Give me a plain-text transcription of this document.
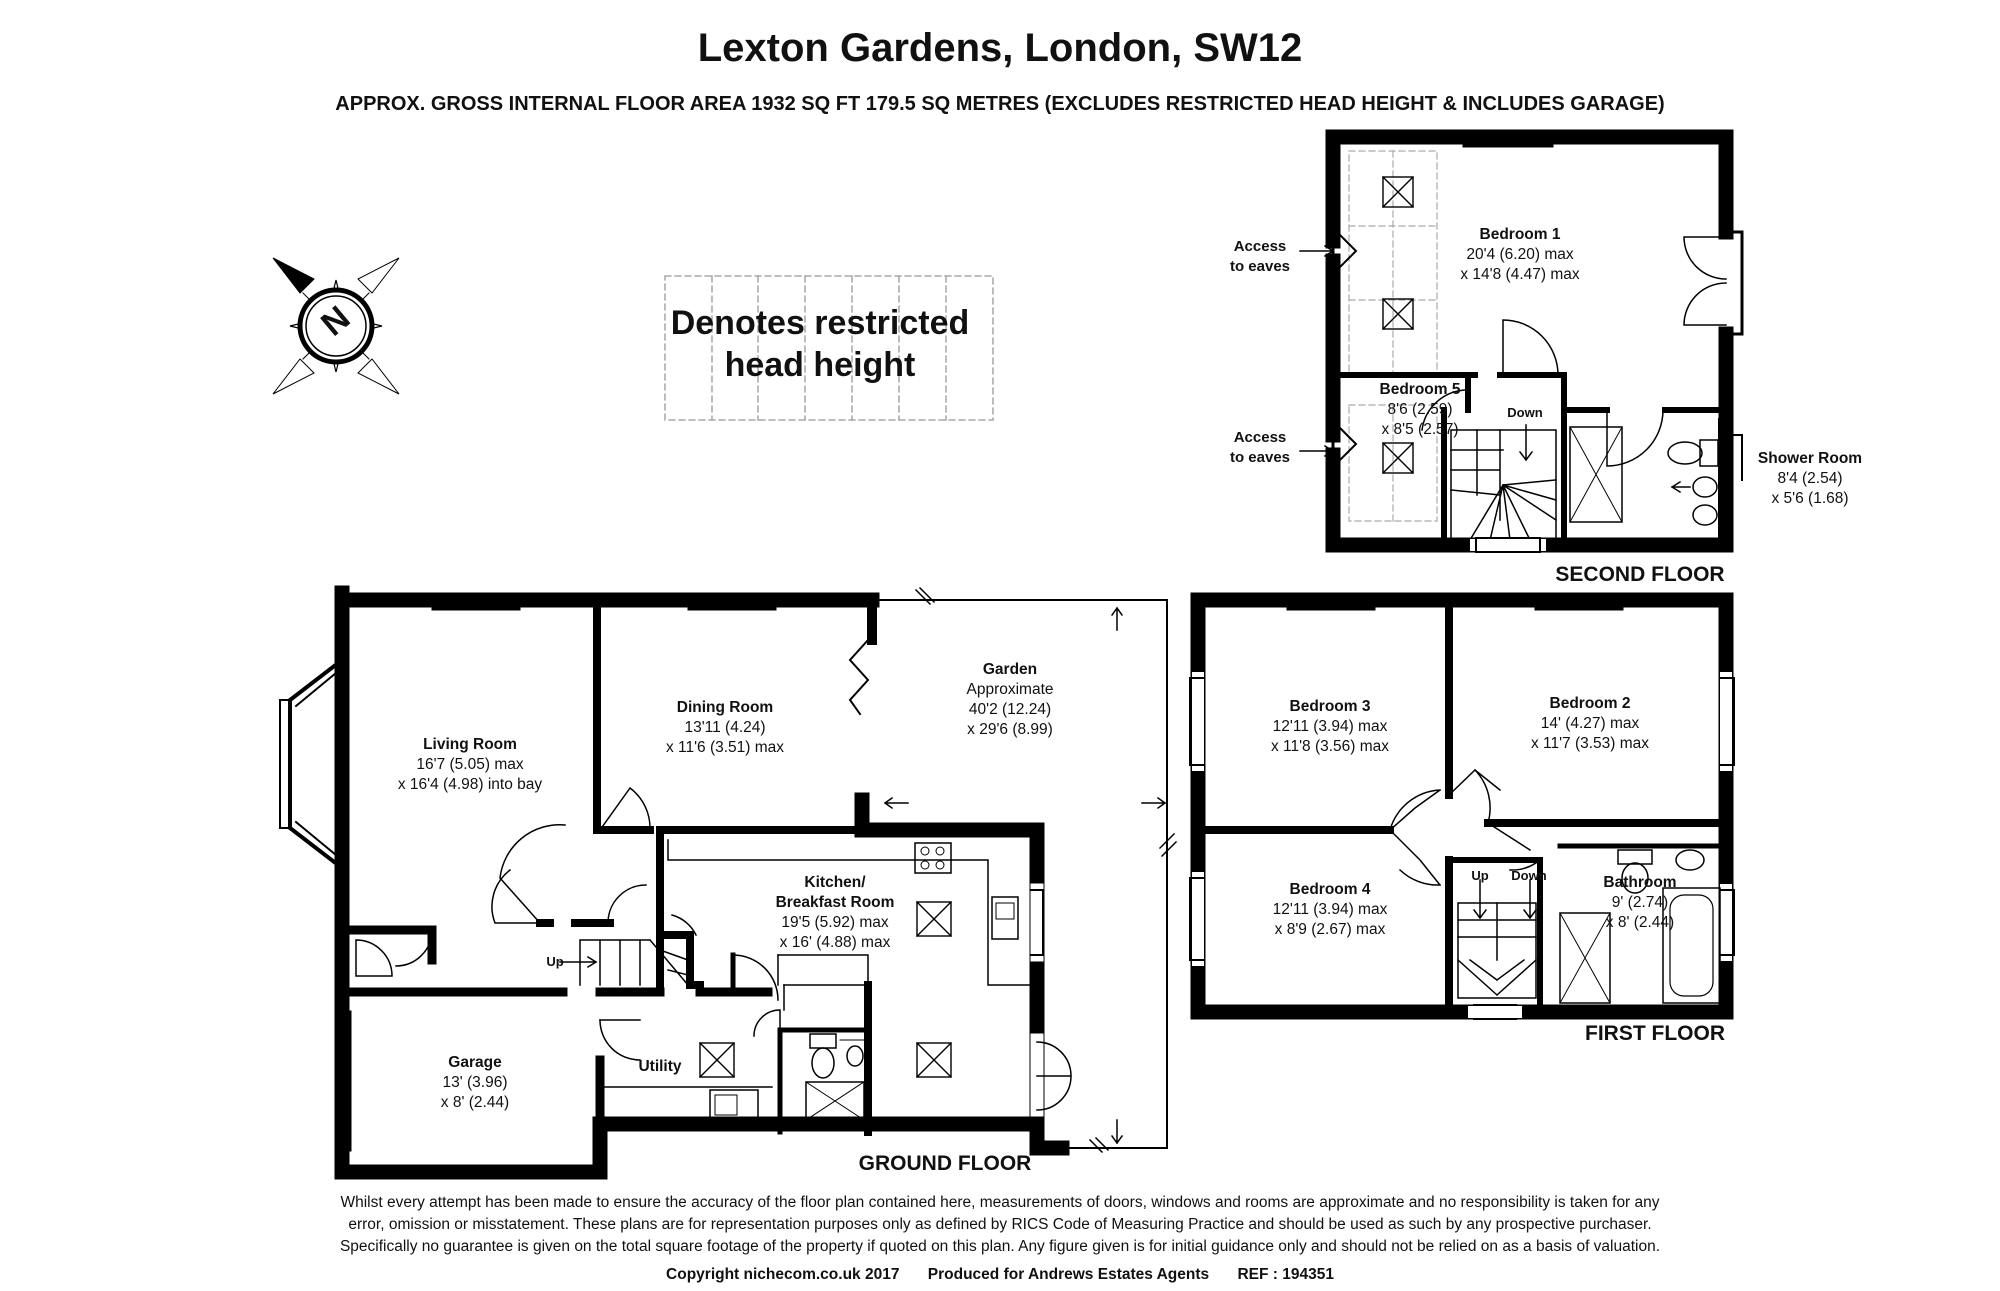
Lexton Gardens, London, SW12
APPROX. GROSS INTERNAL FLOOR AREA 1932 SQ FT 179.5 SQ METRES (EXCLUDES RESTRICTED HEAD HEIGHT & INCLUDES GARAGE)
Denotes restricted
head height
N
Bedroom 1
20'4 (6.20) max
x 14'8 (4.47) max
Bedroom 5
8'6 (2.59)
x 8'5 (2.57)
Shower Room
8'4 (2.54)
x 5'6 (1.68)
Access
to eaves
Access
to eaves
Down
SECOND FLOOR
Living Room
16'7 (5.05) max
x 16'4 (4.98) into bay
Dining Room
13'11 (4.24)
x 11'6 (3.51) max
Garden
Approximate
40'2 (12.24)
x 29'6 (8.99)
Kitchen/
Breakfast Room
19'5 (5.92) max
x 16' (4.88) max
Garage
13' (3.96)
x 8' (2.44)
Utility
Up
GROUND FLOOR
Bedroom 3
12'11 (3.94) max
x 11'8 (3.56) max
Bedroom 2
14' (4.27) max
x 11'7 (3.53) max
Bedroom 4
12'11 (3.94) max
x 8'9 (2.67) max
Bathroom
9' (2.74)
x 8' (2.44)
Up	Down
FIRST FLOOR
Whilst every attempt has been made to ensure the accuracy of the floor plan contained here, measurements of doors, windows and rooms are approximate and no responsibility is taken for any
error, omission or misstatement. These plans are for representation purposes only as defined by RICS Code of Measuring Practice and should be used as such by any prospective purchaser.
Specifically no guarantee is given on the total square footage of the property if quoted on this plan. Any figure given is for initial guidance only and should not be relied on as a basis of valuation.
Copyright nichecom.co.uk 2017 Produced for Andrews Estates Agents REF : 194351
